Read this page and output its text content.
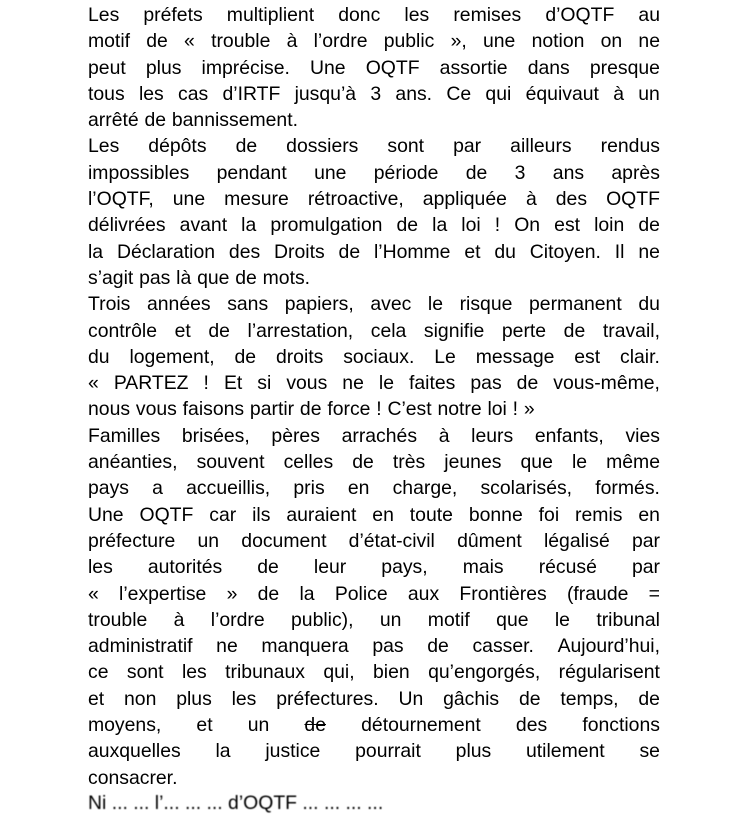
Les préfets multiplient donc les remises d’OQTF au
motif de « trouble à l’ordre public », une notion on ne
peut plus imprécise. Une OQTF assortie dans presque
tous les cas d’IRTF jusqu’à 3 ans. Ce qui équivaut à un
arrêté de bannissement.
Les dépôts de dossiers sont par ailleurs rendus
impossibles pendant une période de 3 ans après
l’OQTF, une mesure rétroactive, appliquée à des OQTF
délivrées avant la promulgation de la loi ! On est loin de
la Déclaration des Droits de l’Homme et du Citoyen. Il ne
s’agit pas là que de mots.
Trois années sans papiers, avec le risque permanent du
contrôle et de l’arrestation, cela signifie perte de travail,
du logement, de droits sociaux. Le message est clair.
« PARTEZ ! Et si vous ne le faites pas de vous-même,
nous vous faisons partir de force ! C’est notre loi ! »
Familles brisées, pères arrachés à leurs enfants, vies
anéanties, souvent celles de très jeunes que le même
pays a accueillis, pris en charge, scolarisés, formés.
Une OQTF car ils auraient en toute bonne foi remis en
préfecture un document d’état-civil dûment légalisé par
les autorités de leur pays, mais récusé par
« l’expertise » de la Police aux Frontières (fraude =
trouble à l’ordre public), un motif que le tribunal
administratif ne manquera pas de casser. Aujourd’hui,
ce sont les tribunaux qui, bien qu’engorgés, régularisent
et non plus les préfectures. Un gâchis de temps, de
moyens, et un de détournement des fonctions
auxquelles la justice pourrait plus utilement se
consacrer.
Ni ... ... l’... ... ... d’OQTF ... ... ... ...
